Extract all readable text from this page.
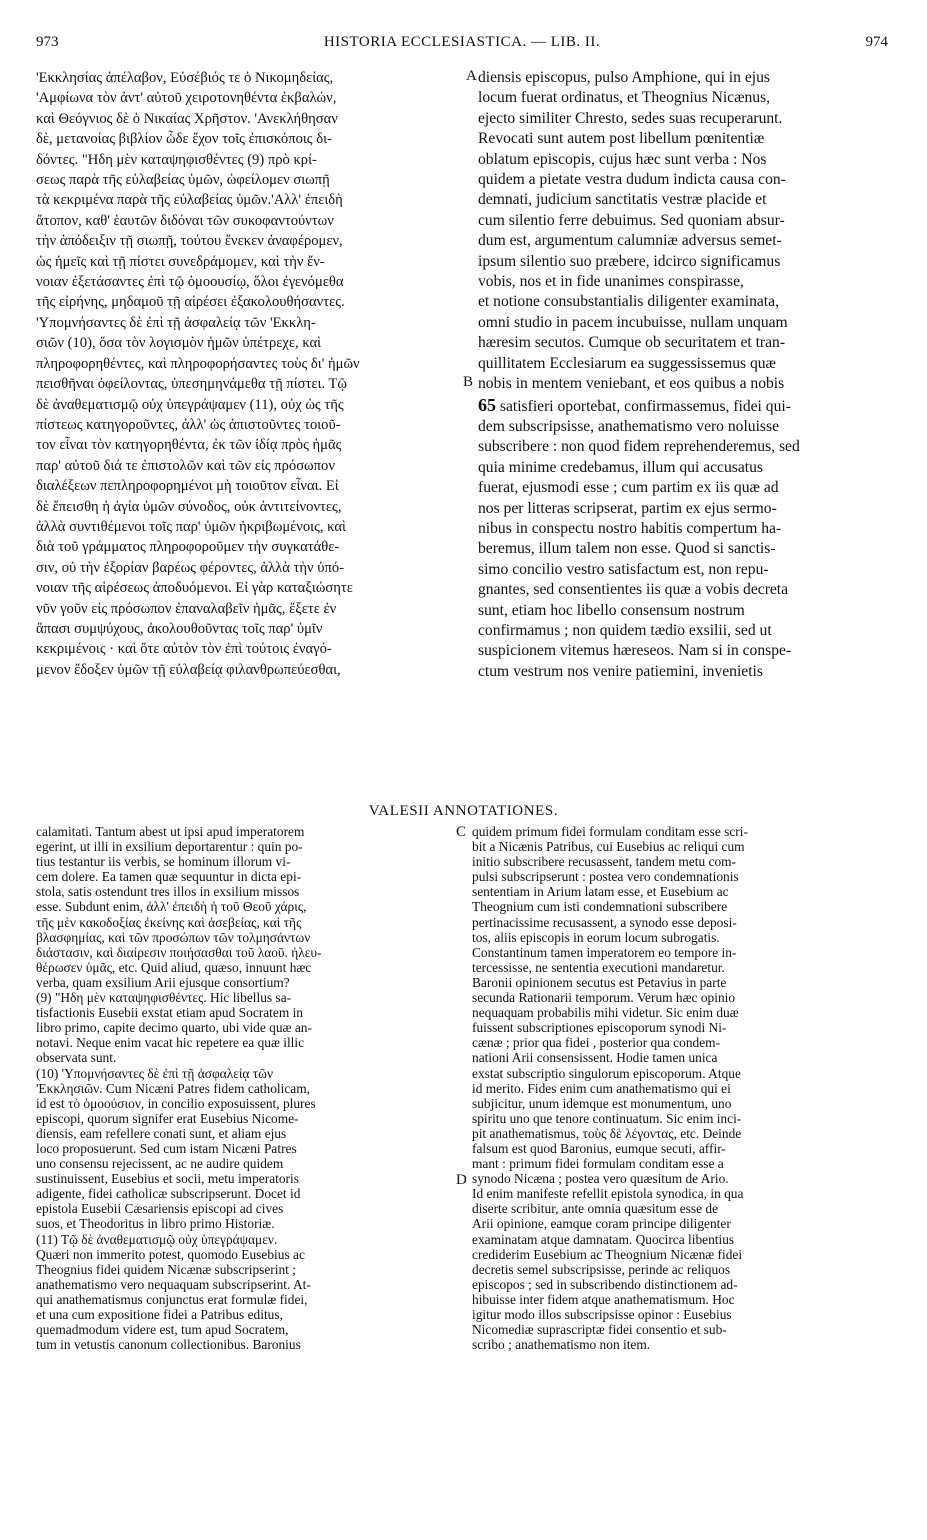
973	HISTORIA ECCLESIASTICA. — LIB. II.	974
'Εκκλησίας ἀπέλαβον, Εὐσέβιός τε ὁ Νικομηδείας,
'Αμφίωνα τὸν ἀντ' αὐτοῦ χειροτονηθέντα ἐκβαλών,
καὶ Θεόγνιος δὲ ὁ Νικαίας Χρῆστον. 'Ανεκλήθησαν
δὲ, μετανοίας βιβλίον ὧδε ἔχον τοῖς ἐπισκόποις δι-
δόντες. "Ηδη μὲν καταψηφισθέντες (9) πρὸ κρί-
σεως παρὰ τῆς εὐλαβείας ὑμῶν, ὠφείλομεν σιωπῇ
τὰ κεκριμένα παρὰ τῆς εὐλαβείας ὑμῶν.'Αλλ' ἐπειδὴ
ἄτοπον, καθ' ἑαυτῶν διδόναι τῶν συκοφαντούντων
τὴν ἀπόδειξιν τῇ σιωπῇ, τούτου ἕνεκεν ἀναφέρομεν,
ὡς ἡμεῖς καὶ τῇ πίστει συνεδράμομεν, καὶ τὴν ἔν-
νοιαν ἐξετάσαντες ἐπὶ τῷ ὁμοουσίῳ, ὅλοι ἐγενόμεθα
τῆς εἰρήνης, μηδαμοῦ τῇ αἱρέσει ἐξακολουθήσαντες.
'Υπομνήσαντες δὲ ἐπὶ τῇ ἀσφαλείᾳ τῶν 'Εκκλη-
σιῶν (10), ὅσα τὸν λογισμὸν ἡμῶν ὑπέτρεχε, καὶ
πληροφορηθέντες, καὶ πληροφορήσαντες τοὺς δι' ἡμῶν
πεισθῆναι ὀφείλοντας, ὑπεσημηνάμεθα τῇ πίστει. Τῷ
δὲ ἀναθεματισμῷ οὐχ ὑπεγράψαμεν (11), οὐχ ὡς τῆς
πίστεως κατηγοροῦντες, ἀλλ' ὡς ἀπιστοῦντες τοιοῦ-
τον εἶναι τὸν κατηγορηθέντα, ἐκ τῶν ἰδίᾳ πρὸς ἡμᾶς
παρ' αὐτοῦ διά τε ἐπιστολῶν καὶ τῶν εἰς πρόσωπον
διαλέξεων πεπληροφορημένοι μὴ τοιοῦτον εἶναι. Εἰ
δὲ ἔπεισθη ἡ ἁγία ὑμῶν σύνοδος, οὐκ ἀντιτείνοντες,
ἀλλὰ συντιθέμενοι τοῖς παρ' ὑμῶν ἠκριβωμένοις, καὶ
διὰ τοῦ γράμματος πληροφοροῦμεν τὴν συγκατάθε-
σιν, οὐ τὴν ἐξορίαν βαρέως φέροντες, ἀλλὰ τὴν ὑπό-
νοιαν τῆς αἱρέσεως ἀποδυόμενοι. Εἰ γὰρ καταξιώσητε
νῦν γοῦν εἰς πρόσωπον ἐπαναλαβεῖν ἡμᾶς, ἕξετε ἐν
ἅπασι συμψύχους, ἀκολουθοῦντας τοῖς παρ' ὑμῖν
κεκριμένοις · καὶ ὅτε αὐτὸν τὸν ἐπὶ τούτοις ἐναγό-
μενον ἔδοξεν ὑμῶν τῇ εὐλαβείᾳ φιλανθρωπεύεσθαι,
diensis episcopus, pulso Amphione, qui in ejus
locum fuerat ordinatus, et Theognius Nicænus,
ejecto similiter Chresto, sedes suas recuperarunt.
Revocati sunt autem post libellum pœnitentiæ
oblatum episcopis, cujus hæc sunt verba : Nos
quidem a pietate vestra dudum indicta causa con-
demnati, judicium sanctitatis vestræ placide et
cum silentio ferre debuimus. Sed quoniam absur-
dum est, argumentum calumniæ adversus semet-
ipsum silentio suo præbere, idcirco significamus
vobis, nos et in fide unanimes conspirasse,
et notione consubstantialis diligenter examinata,
omni studio in pacem incubuisse, nullam unquam
hæresim secutos. Cumque ob securitatem et tran-
quillitatem Ecclesiarum ea suggessissemus quæ
nobis in mentem veniebant, et eos quibus a nobis
65 satisfieri oportebat, confirmassemus, fidei qui-
dem subscripsisse, anathematismo vero noluisse
subscribere : non quod fidem reprehenderemus, sed
quia minime credebamus, illum qui accusatus
fuerat, ejusmodi esse ; cum partim ex iis quæ ad
nos per litteras scripserat, partim ex ejus sermo-
nibus in conspectu nostro habitis compertum ha-
beremus, illum talem non esse. Quod si sanctis-
simo concilio vestro satisfactum est, non repu-
gnantes, sed consentientes iis quæ a vobis decreta
sunt, etiam hoc libello consensum nostrum
confirmamus ; non quidem tædio exsilii, sed ut
suspicionem vitemus hæreseos. Nam si in conspe-
ctum vestrum nos venire patiemini, invenietis
A
B
C
D
VALESII ANNOTATIONES.
calamitati. Tantum abest ut ipsi apud imperatorem
egerint, ut illi in exsilium deportarentur : quin po-
tius testantur iis verbis, se hominum illorum vi-
cem dolere. Ea tamen quæ sequuntur in dicta epi-
stola, satis ostendunt tres illos in exsilium missos
esse. Subdunt enim, ἀλλ' ἐπειδὴ ἡ τοῦ Θεοῦ χάρις,
τῆς μὲν κακοδοξίας ἐκείνης καὶ ἀσεβείας, καὶ τῆς
βλασφημίας, καὶ τῶν προσώπων τῶν τολμησάντων
διάστασιν, καὶ διαίρεσιν ποιήσασθαι τοῦ λαοῦ. ἠλευ-
θέρωσεν ὑμᾶς, etc. Quid aliud, quæso, innuunt hæc
verba, quam exsilium Arii ejusque consortium?
(9) "Ηδη μὲν καταψηφισθέντες. Hic libellus sa-
tisfactionis Eusebii exstat etiam apud Socratem in
libro primo, capite decimo quarto, ubi vide quæ an-
notavi. Neque enim vacat hic repetere ea quæ illic
observata sunt.
(10) 'Υπομνήσαντες δὲ ἐπὶ τῇ ἀσφαλείᾳ τῶν
'Εκκλησιῶν. Cum Nicæni Patres fidem catholicam,
id est τὸ ὁμοούσιον, in concilio exposuissent, plures
episcopi, quorum signifer erat Eusebius Nicome-
diensis, eam refellere conati sunt, et aliam ejus
loco proposuerunt. Sed cum istam Nicæni Patres
uno consensu rejecissent, ac ne audire quidem
sustinuissent, Eusebius et socii, metu imperatoris
adigente, fidei catholicæ subscripserunt. Docet id
epistola Eusebii Cæsariensis episcopi ad cives
suos, et Theodoritus in libro primo Historiæ.
(11) Τῷ δὲ ἀναθεματισμῷ οὐχ ὑπεγράψαμεν.
Quæri non immerito potest, quomodo Eusebius ac
Theognius fidei quidem Nicænæ subscripserint ;
anathematismo vero nequaquam subscripserint. At-
qui anathematismus conjunctus erat formulæ fidei,
et una cum expositione fidei a Patribus editus,
quemadmodum videre est, tum apud Socratem,
tum in vetustis canonum collectionibus. Baronius
quidem primum fidei formulam conditam esse scri-
bit a Nicænis Patribus, cui Eusebius ac reliqui cum
initio subscribere recusassent, tandem metu com-
pulsi subscripserunt : postea vero condemnationis
sententiam in Arium latam esse, et Eusebium ac
Theognium cum isti condemnationi subscribere
pertinacissime recusassent, a synodo esse deposi-
tos, aliis episcopis in eorum locum subrogatis.
Constantinum tamen imperatorem eo tempore in-
tercessisse, ne sententia executioni mandaretur.
Baronii opinionem secutus est Petavius in parte
secunda Rationarii temporum. Verum hæc opinio
nequaquam probabilis mihi videtur. Sic enim duæ
fuissent subscriptiones episcoporum synodi Ni-
cænæ ; prior qua fidei , posterior qua condem-
nationi Arii consensissent. Hodie tamen unica
exstat subscriptio singulorum episcoporum. Atque
id merito. Fides enim cum anathematismo qui ei
subjicitur, unum idemque est monumentum, uno
spiritu uno que tenore continuatum. Sic enim inci-
pit anathematismus, τοὺς δὲ λέγοντας, etc. Deinde
falsum est quod Baronius, eumque secuti, affir-
mant : primum fidei formulam conditam esse a
synodo Nicæna ; postea vero quæsitum de Ario.
Id enim manifeste refellit epistola synodica, in qua
diserte scribitur, ante omnia quæsitum esse de
Arii opinione, eamque coram principe diligenter
examinatam atque damnatam. Quocirca libentius
crediderim Eusebium ac Theognium Nicænæ fidei
decretis semel subscripsisse, perinde ac reliquos
episcopos ; sed in subscribendo distinctionem ad-
hibuisse inter fidem atque anathematismum. Hoc
igitur modo illos subscripsisse opinor : Eusebius
Nicomediæ suprascriptæ fidei consentio et sub-
scribo ; anathematismo non item.
